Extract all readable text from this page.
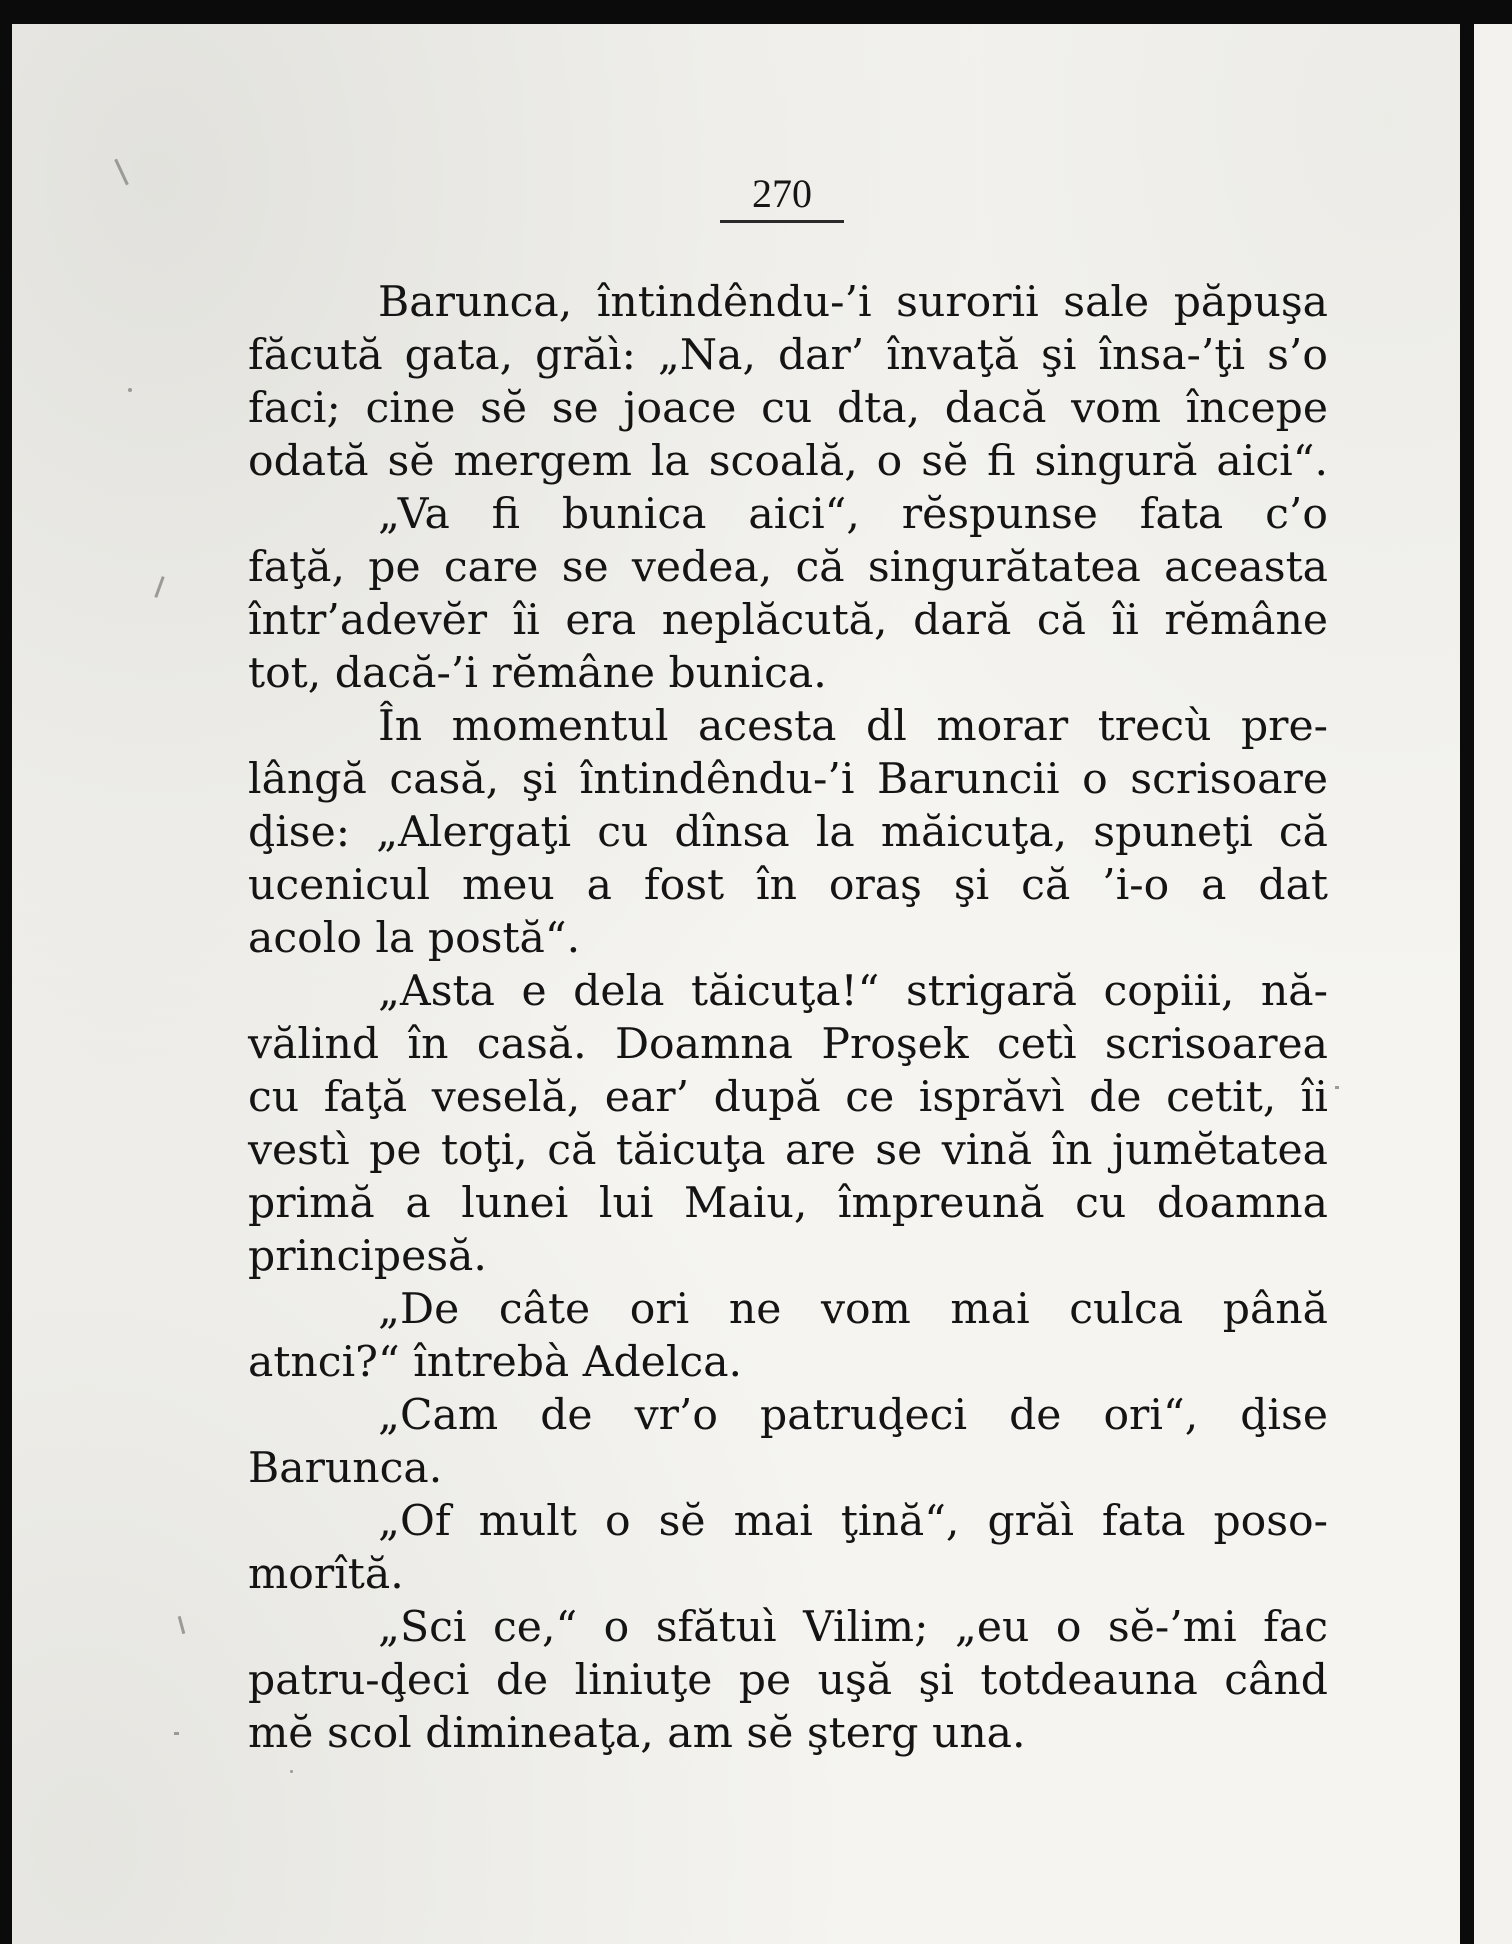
270
Barunca, întindêndu-’i surorii sale păpuşa
făcută gata, grăì: „Na, dar’ învaţă şi însa-’ţi s’o
faci; cine sĕ se joace cu dta, dacă vom începe
odată sĕ mergem la scoală, o sĕ fi singură aici“.
„Va fi bunica aici“, rĕspunse fata c’o
faţă, pe care se vedea, că singurătatea aceasta
într’adevĕr îi era neplăcută, dară că îi rĕmâne
tot, dacă-’i rĕmâne bunica.
În momentul acesta dl morar trecù pre-
lângă casă, şi întindêndu-’i Baruncii o scrisoare
ḑise: „Alergaţi cu dînsa la măicuţa, spuneţi că
ucenicul meu a fost în oraş şi că ’i-o a dat
acolo la postă“.
„Asta e dela tăicuţa!“ strigară copiii, nă-
vălind în casă. Doamna Proşek cetì scrisoarea
cu faţă veselă, ear’ după ce isprăvì de cetit, îi
vestì pe toţi, că tăicuţa are se vină în jumĕtatea
primă a lunei lui Maiu, împreună cu doamna
principesă.
„De câte ori ne vom mai culca până
atnci?“ întrebà Adelca.
„Cam de vr’o patruḑeci de ori“, ḑise
Barunca.
„Of mult o sĕ mai ţină“, grăì fata poso-
morîtă.
„Sci ce,“ o sfătuì Vilim; „eu o sĕ-’mi fac
patru-ḑeci de liniuţe pe uşă şi totdeauna când
mĕ scol dimineaţa, am sĕ şterg una.
